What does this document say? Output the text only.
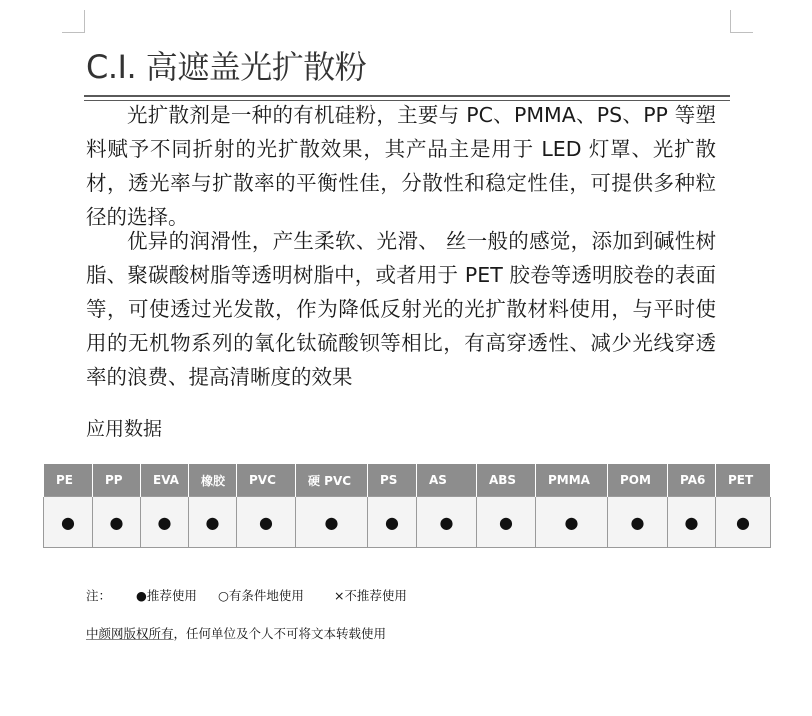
C.I. 高遮盖光扩散粉

光扩散剂是一种的有机硅粉，主要与 PC、PMMA、PS、PP 等塑料赋予不同折射的光扩散效果，其产品主是用于 LED 灯罩、光扩散材，透光率与扩散率的平衡性佳，分散性和稳定性佳，可提供多种粒径的选择。

优异的润滑性，产生柔软、光滑、 丝一般的感觉，添加到碱性树脂、聚碳酸树脂等透明树脂中，或者用于 PET 胶卷等透明胶卷的表面等，可使透过光发散，作为降低反射光的光扩散材料使用，与平时使用的无机物系列的氧化钛硫酸钡等相比，有高穿透性、减少光线穿透率的浪费、提高清晰度的效果

应用数据
PE	PP	EVA	橡胶	PVC	硬 PVC	PS	AS	ABS	PMMA	POM	PA6	PET
●	●	●	●	●	●	●	●	●	●	●	●	●
注： ●推荐使用 ○有条件地使用 ×不推荐使用
中颜网版权所有，任何单位及个人不可将文本转载使用
